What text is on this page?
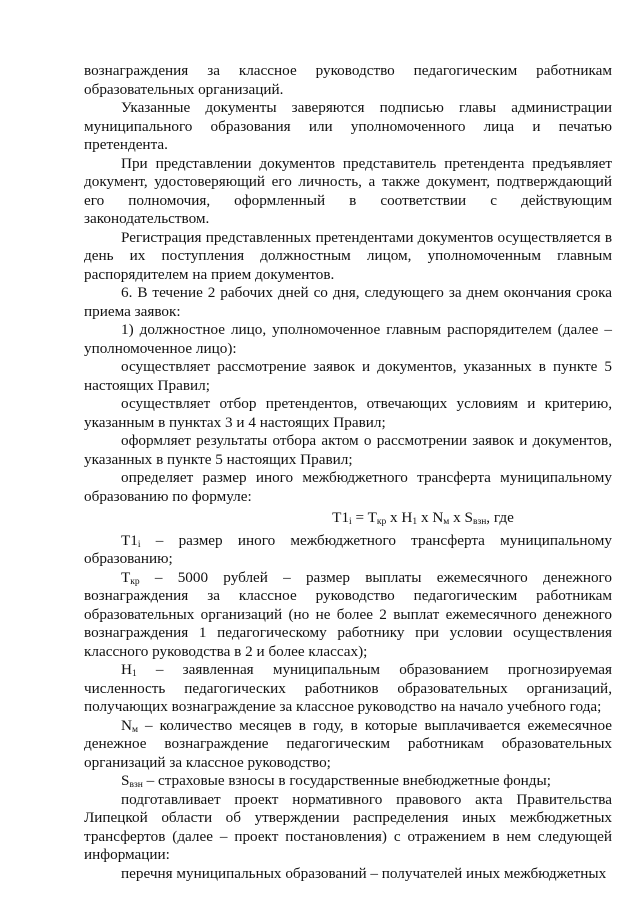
вознаграждения за классное руководство педагогическим работникам образовательных организаций.

Указанные документы заверяются подписью главы администрации муниципального образования или уполномоченного лица и печатью претендента.

При представлении документов представитель претендента предъявляет документ, удостоверяющий его личность, а также документ, подтверждающий его полномочия, оформленный в соответствии с действующим законодательством.

Регистрация представленных претендентами документов осуществляется в день их поступления должностным лицом, уполномоченным главным распорядителем на прием документов.

6. В течение 2 рабочих дней со дня, следующего за днем окончания срока приема заявок:

1) должностное лицо, уполномоченное главным распорядителем (далее – уполномоченное лицо):

осуществляет рассмотрение заявок и документов, указанных в пункте 5 настоящих Правил;

осуществляет отбор претендентов, отвечающих условиям и критерию, указанным в пунктах 3 и 4 настоящих Правил;

оформляет результаты отбора актом о рассмотрении заявок и документов, указанных в пункте 5 настоящих Правил;

определяет размер иного межбюджетного трансферта муниципальному образованию по формуле:

$T1_i = T_{кр}$ x $H_1$ x $N_м$ x $S_{взн}$, где

$T1_i$ – размер иного межбюджетного трансферта муниципальному образованию;

$T_{кр} - 5000$ рублей – размер выплаты ежемесячного денежного вознаграждения за классное руководство педагогическим работникам образовательных организаций (но не более 2 выплат ежемесячного денежного вознаграждения 1 педагогическому работнику при условии осуществления классного руководства в 2 и более классах);

$H_1$ – заявленная муниципальным образованием прогнозируемая численность педагогических работников образовательных организаций, получающих вознаграждение за классное руководство на начало учебного года;

$N_м$ – количество месяцев в году, в которые выплачивается ежемесячное денежное вознаграждение педагогическим работникам образовательных организаций за классное руководство;

$S_{взн}$ – страховые взносы в государственные внебюджетные фонды;

подготавливает проект нормативного правового акта Правительства Липецкой области об утверждении распределения иных межбюджетных трансфертов (далее – проект постановления) с отражением в нем следующей информации:

перечня муниципальных образований – получателей иных межбюджетных
